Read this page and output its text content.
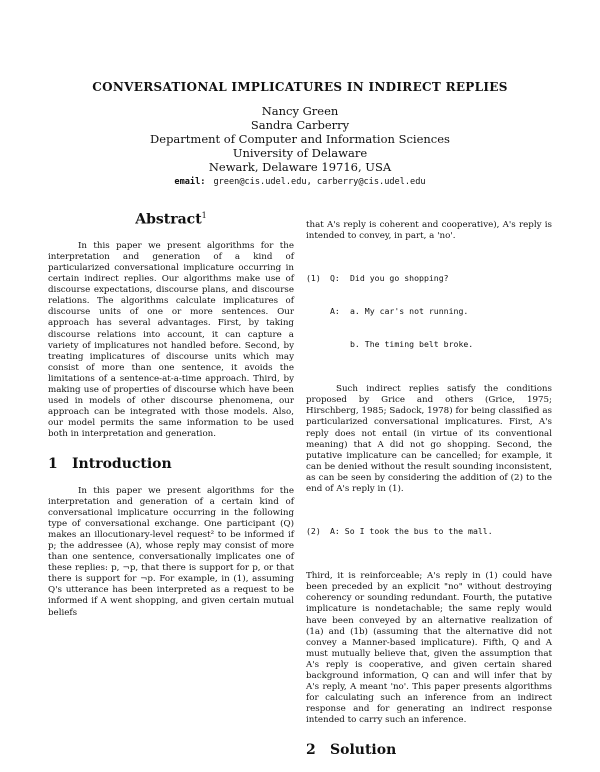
CONVERSATIONAL IMPLICATURES IN INDIRECT REPLIES
Nancy Green
Sandra Carberry
Department of Computer and Information Sciences
University of Delaware
Newark, Delaware 19716, USA
email: green@cis.udel.edu, carberry@cis.udel.edu
Abstract$^1$

In this paper we present algorithms for the interpretation and generation of a kind of particularized conversational implicature occurring in certain indirect replies. Our algorithms make use of discourse expectations, discourse plans, and discourse relations. The algorithms calculate implicatures of discourse units of one or more sentences. Our approach has several advantages. First, by taking discourse relations into account, it can capture a variety of implicatures not handled before. Second, by treating implicatures of discourse units which may consist of more than one sentence, it avoids the limitations of a sentence-at-a-time approach. Third, by making use of properties of discourse which have been used in models of other discourse phenomena, our approach can be integrated with those models. Also, our model permits the same information to be used both in interpretation and generation.

1 Introduction

In this paper we present algorithms for the interpretation and generation of a certain kind of conversational implicature occurring in the following type of conversational exchange. One participant (Q) makes an illocutionary-level request² to be informed if p; the addressee (A), whose reply may consist of more than one sentence, conversationally implicates one of these replies: p, ¬p, that there is support for p, or that there is support for ¬p. For example, in (1), assuming Q's utterance has been interpreted as a request to be informed if A went shopping, and given certain mutual beliefs

that A's reply is coherent and cooperative), A's reply is intended to convey, in part, a 'no'.

(1) Q: Did you go shopping?

A: a. My car's not running.

b. The timing belt broke.

Such indirect replies satisfy the conditions proposed by Grice and others (Grice, 1975; Hirschberg, 1985; Sadock, 1978) for being classified as particularized conversational implicatures. First, A's reply does not entail (in virtue of its conventional meaning) that A did not go shopping. Second, the putative implicature can be cancelled; for example, it can be denied without the result sounding inconsistent, as can be seen by considering the addition of (2) to the end of A's reply in (1).

(2) A: So I took the bus to the mall.

Third, it is reinforceable; A's reply in (1) could have been preceded by an explicit "no" without destroying coherency or sounding redundant. Fourth, the putative implicature is nondetachable; the same reply would have been conveyed by an alternative realization of (1a) and (1b) (assuming that the alternative did not convey a Manner-based implicature). Fifth, Q and A must mutually believe that, given the assumption that A's reply is cooperative, and given certain shared background information, Q can and will infer that by A's reply, A meant 'no'. This paper presents algorithms for calculating such an inference from an indirect response and for generating an indirect response intended to carry such an inference.

2 Solution
